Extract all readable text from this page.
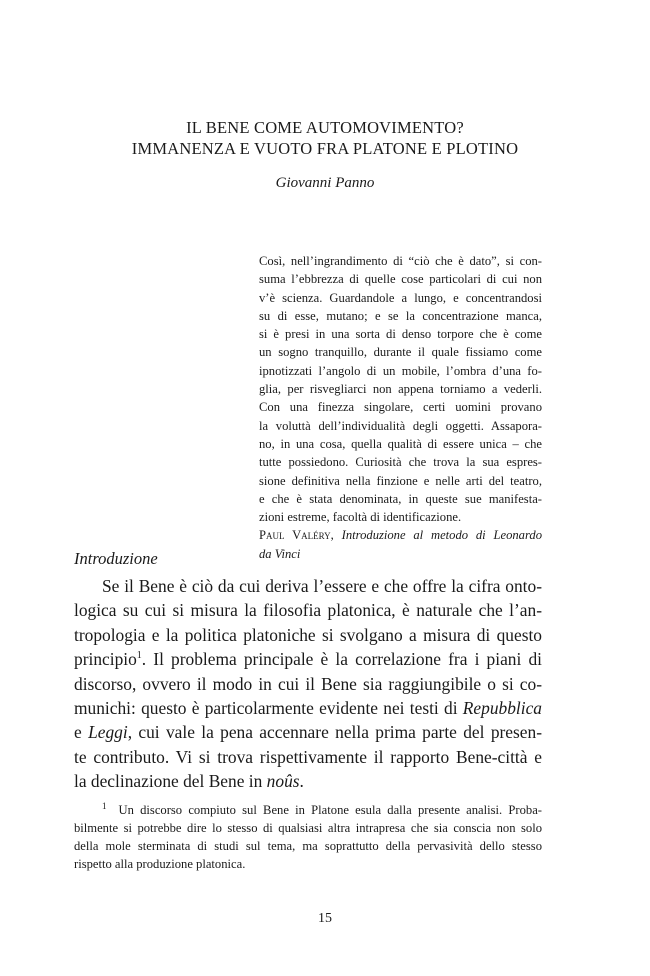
IL BENE COME AUTOMOVIMENTO?
IMMANENZA E VUOTO FRA PLATONE E PLOTINO
Giovanni Panno
Così, nell’ingrandimento di “ciò che è dato”, si con-
suma l’ebbrezza di quelle cose particolari di cui non
v’è scienza. Guardandole a lungo, e concentrandosi
su di esse, mutano; e se la concentrazione manca,
si è presi in una sorta di denso torpore che è come
un sogno tranquillo, durante il quale fissiamo come
ipnotizzati l’angolo di un mobile, l’ombra d’una fo-
glia, per risvegliarci non appena torniamo a vederli.
Con una finezza singolare, certi uomini provano
la voluttà dell’individualità degli oggetti. Assaporа-
no, in una cosa, quella qualità di essere unica – che
tutte possiedono. Curiosità che trova la sua espres-
sione definitiva nella finzione e nelle arti del teatro,
e che è stata denominata, in queste sue manifesta-
zioni estreme, facoltà di identificazione.
Paul Valéry, Introduzione al metodo di Leonardo
da Vinci
Introduzione
Se il Bene è ciò da cui deriva l’essere e che offre la cifra onto-
logica su cui si misura la filosofia platonica, è naturale che l’an-
tropologia e la politica platoniche si svolgano a misura di questo
principio$^1$. Il problema principale è la correlazione fra i piani di
discorso, ovvero il modo in cui il Bene sia raggiungibile o si co-
munichi: questo è particolarmente evidente nei testi di Repubblica
e Leggi, cui vale la pena accennare nella prima parte del presen-
te contributo. Vi si trova rispettivamente il rapporto Bene-città e
la declinazione del Bene in noûs.
$^1$ Un discorso compiuto sul Bene in Platone esula dalla presente analisi. Proba-
bilmente si potrebbe dire lo stesso di qualsiasi altra intrapresa che sia conscia non solo
della mole sterminata di studi sul tema, ma soprattutto della pervasività dello stesso
rispetto alla produzione platonica.
15
